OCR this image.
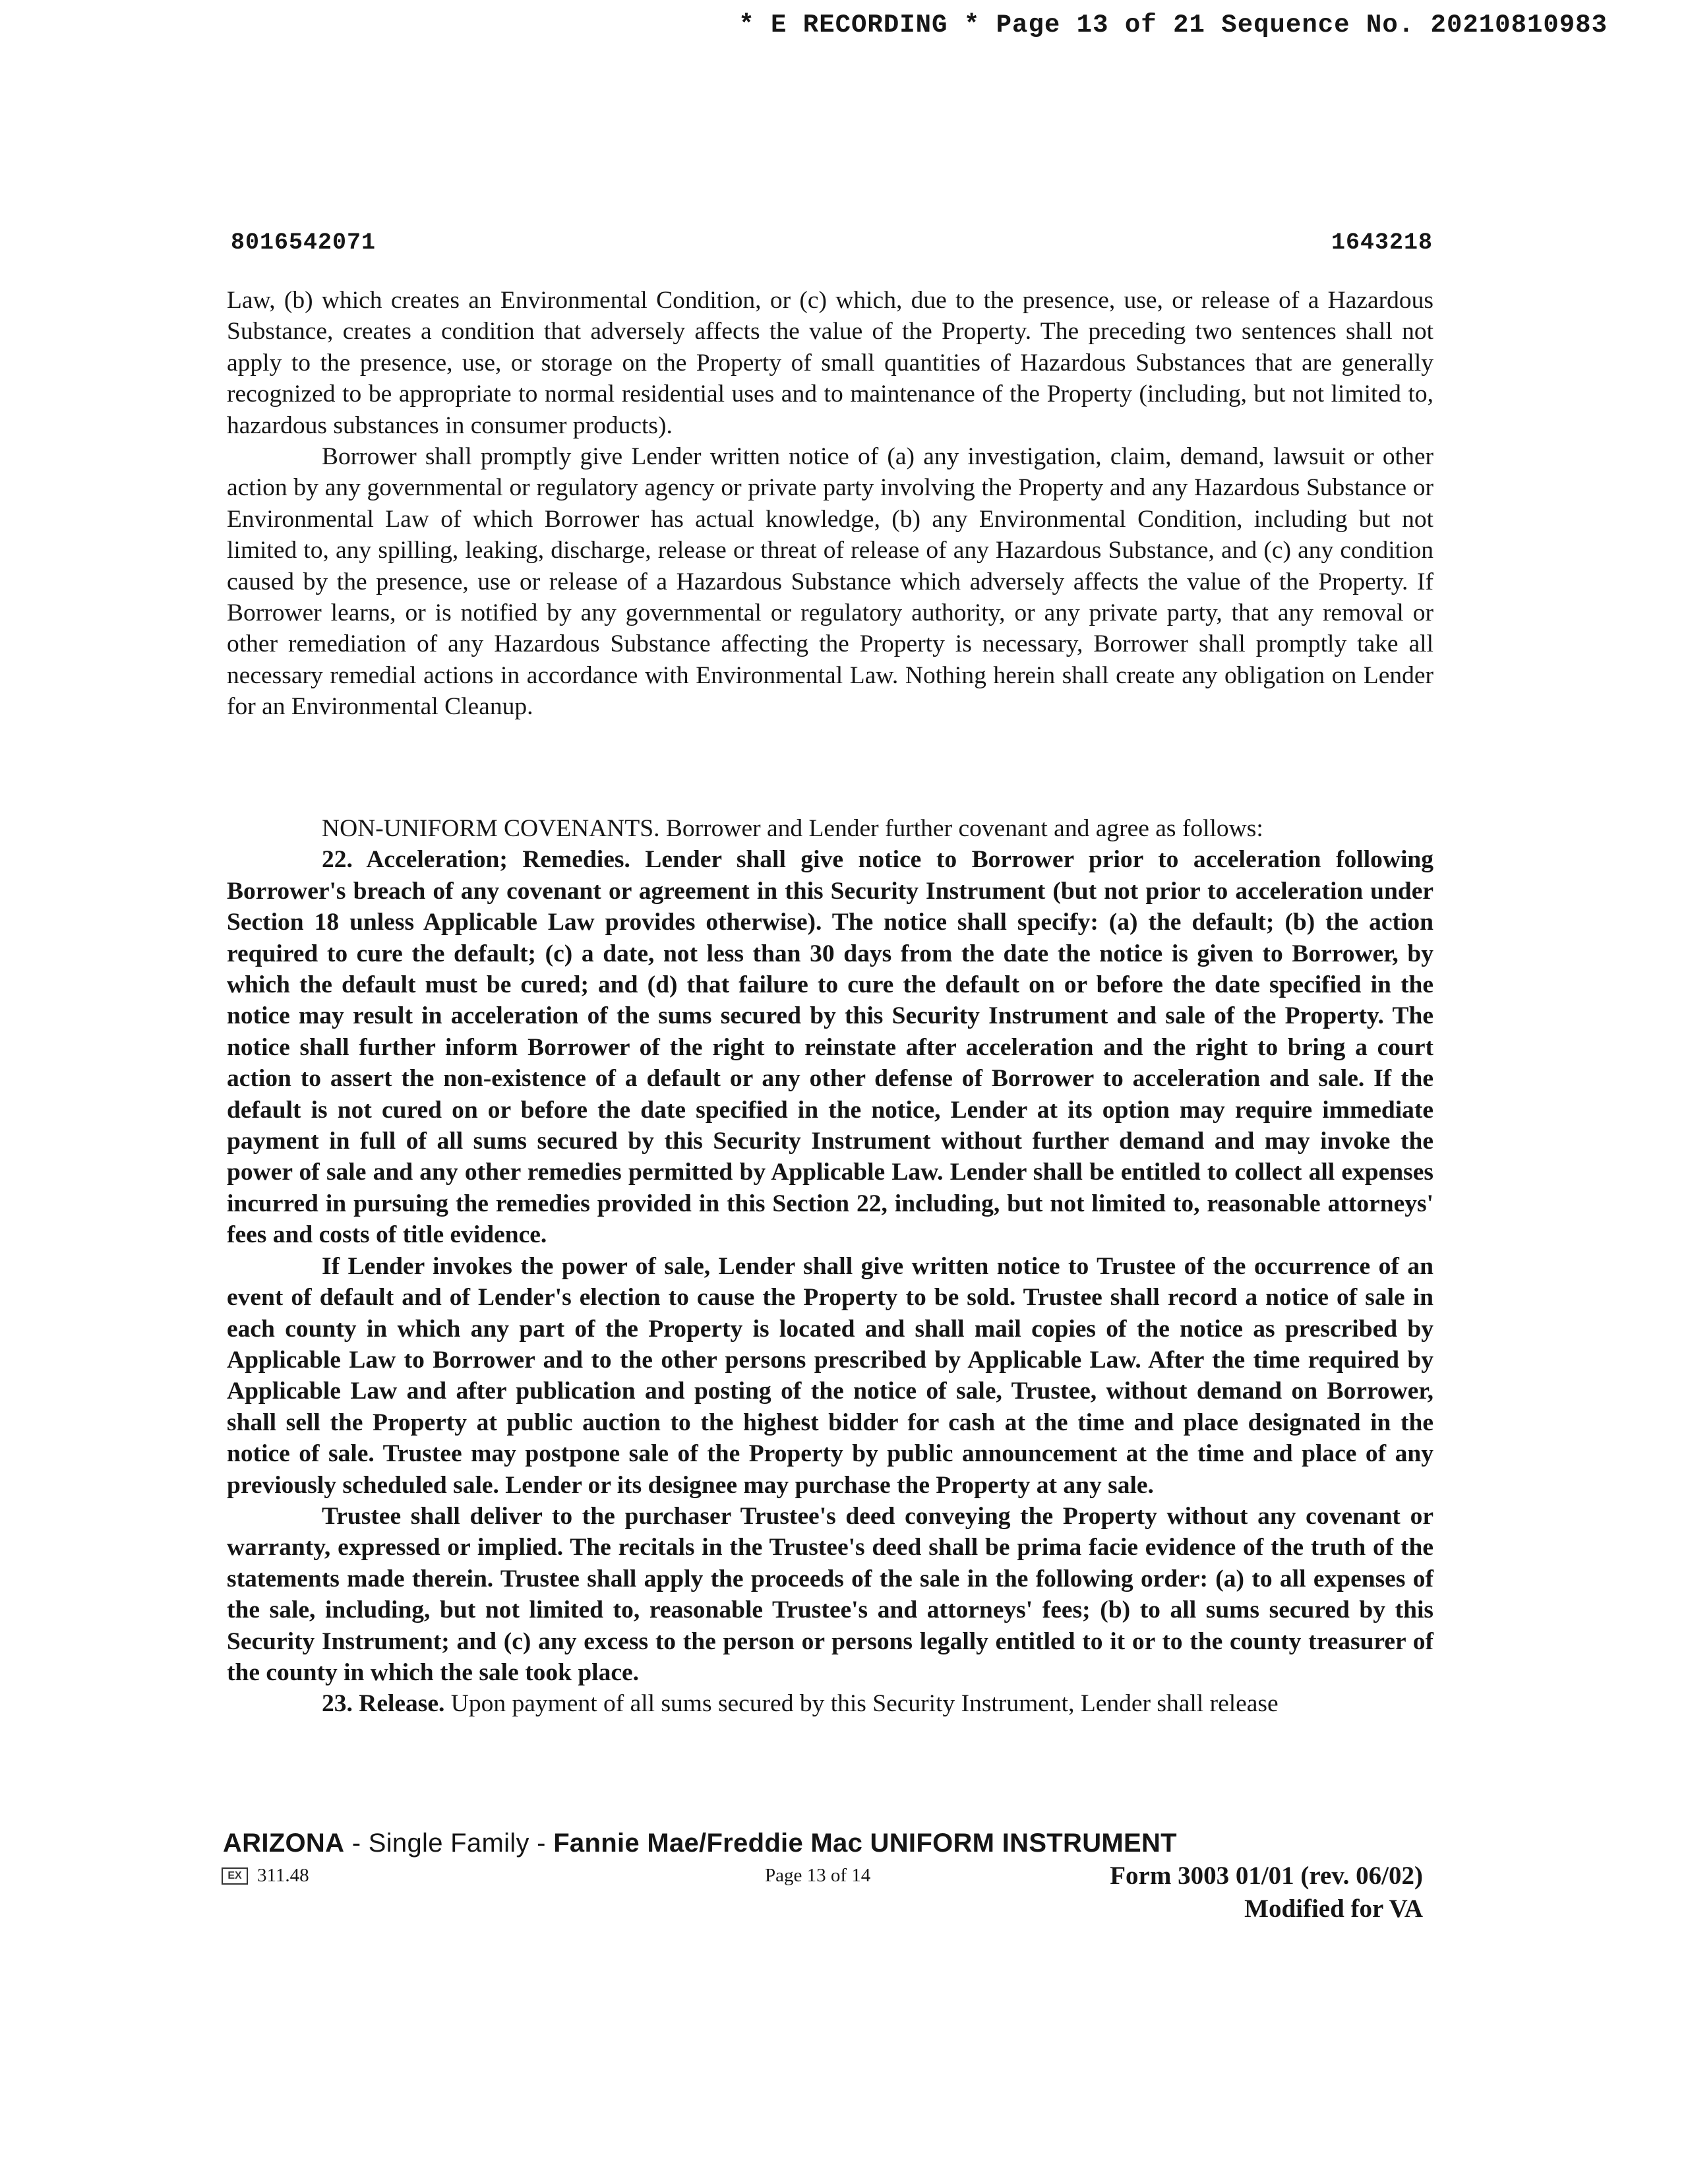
* E RECORDING * Page 13 of 21 Sequence No. 20210810983
8016542071	1643218

Law, (b) which creates an Environmental Condition, or (c) which, due to the presence, use, or release of a Hazardous Substance, creates a condition that adversely affects the value of the Property. The preceding two sentences shall not apply to the presence, use, or storage on the Property of small quantities of Hazardous Substances that are generally recognized to be appropriate to normal residential uses and to maintenance of the Property (including, but not limited to, hazardous substances in consumer products).

Borrower shall promptly give Lender written notice of (a) any investigation, claim, demand, lawsuit or other action by any governmental or regulatory agency or private party involving the Property and any Hazardous Substance or Environmental Law of which Borrower has actual knowledge, (b) any Environmental Condition, including but not limited to, any spilling, leaking, discharge, release or threat of release of any Hazardous Substance, and (c) any condition caused by the presence, use or release of a Hazardous Substance which adversely affects the value of the Property. If Borrower learns, or is notified by any governmental or regulatory authority, or any private party, that any removal or other remediation of any Hazardous Substance affecting the Property is necessary, Borrower shall promptly take all necessary remedial actions in accordance with Environmental Law. Nothing herein shall create any obligation on Lender for an Environmental Cleanup.

NON-UNIFORM COVENANTS. Borrower and Lender further covenant and agree as follows:

22. Acceleration; Remedies. Lender shall give notice to Borrower prior to acceleration following Borrower's breach of any covenant or agreement in this Security Instrument (but not prior to acceleration under Section 18 unless Applicable Law provides otherwise). The notice shall specify: (a) the default; (b) the action required to cure the default; (c) a date, not less than 30 days from the date the notice is given to Borrower, by which the default must be cured; and (d) that failure to cure the default on or before the date specified in the notice may result in acceleration of the sums secured by this Security Instrument and sale of the Property. The notice shall further inform Borrower of the right to reinstate after acceleration and the right to bring a court action to assert the non-existence of a default or any other defense of Borrower to acceleration and sale. If the default is not cured on or before the date specified in the notice, Lender at its option may require immediate payment in full of all sums secured by this Security Instrument without further demand and may invoke the power of sale and any other remedies permitted by Applicable Law. Lender shall be entitled to collect all expenses incurred in pursuing the remedies provided in this Section 22, including, but not limited to, reasonable attorneys' fees and costs of title evidence.

If Lender invokes the power of sale, Lender shall give written notice to Trustee of the occurrence of an event of default and of Lender's election to cause the Property to be sold. Trustee shall record a notice of sale in each county in which any part of the Property is located and shall mail copies of the notice as prescribed by Applicable Law to Borrower and to the other persons prescribed by Applicable Law. After the time required by Applicable Law and after publication and posting of the notice of sale, Trustee, without demand on Borrower, shall sell the Property at public auction to the highest bidder for cash at the time and place designated in the notice of sale. Trustee may postpone sale of the Property by public announcement at the time and place of any previously scheduled sale. Lender or its designee may purchase the Property at any sale.

Trustee shall deliver to the purchaser Trustee's deed conveying the Property without any covenant or warranty, expressed or implied. The recitals in the Trustee's deed shall be prima facie evidence of the truth of the statements made therein. Trustee shall apply the proceeds of the sale in the following order: (a) to all expenses of the sale, including, but not limited to, reasonable Trustee's and attorneys' fees; (b) to all sums secured by this Security Instrument; and (c) any excess to the person or persons legally entitled to it or to the county treasurer of the county in which the sale took place.

23. Release. Upon payment of all sums secured by this Security Instrument, Lender shall release

ARIZONA - Single Family - Fannie Mae/Freddie Mac UNIFORM INSTRUMENT
EX 311.48	Page 13 of 14	Form 3003 01/01 (rev. 06/02)
Modified for VA
